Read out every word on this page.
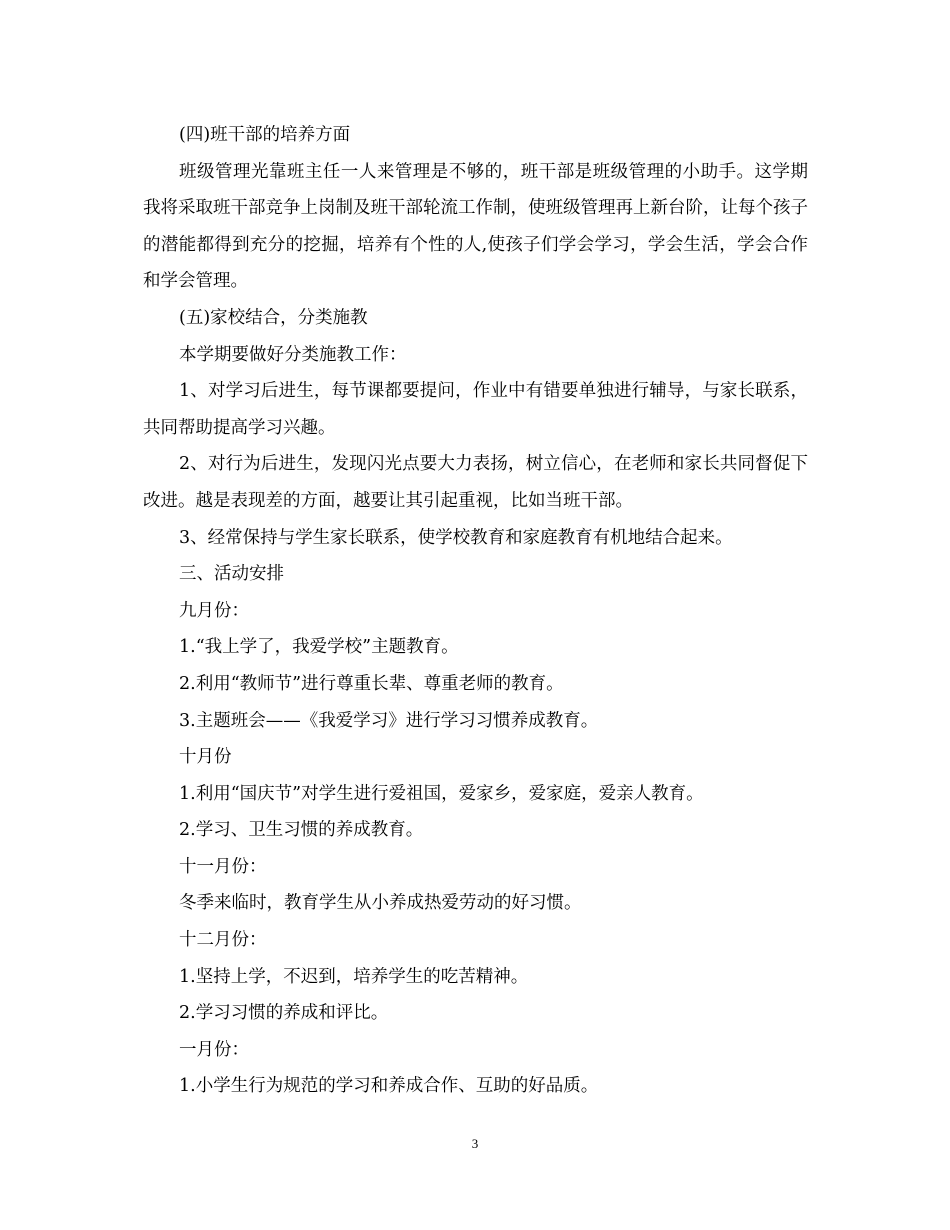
(四)班干部的培养方面

班级管理光靠班主任一人来管理是不够的，班干部是班级管理的小助手。这学期我将采取班干部竞争上岗制及班干部轮流工作制，使班级管理再上新台阶，让每个孩子的潜能都得到充分的挖掘，培养有个性的人,使孩子们学会学习，学会生活，学会合作和学会管理。

(五)家校结合，分类施教

本学期要做好分类施教工作：

1、对学习后进生，每节课都要提问，作业中有错要单独进行辅导，与家长联系，共同帮助提高学习兴趣。

2、对行为后进生，发现闪光点要大力表扬，树立信心，在老师和家长共同督促下改进。越是表现差的方面，越要让其引起重视，比如当班干部。

3、经常保持与学生家长联系，使学校教育和家庭教育有机地结合起来。

三、活动安排

九月份：

1.“我上学了，我爱学校”主题教育。

2.利用“教师节”进行尊重长辈、尊重老师的教育。

3.主题班会——《我爱学习》进行学习习惯养成教育。

十月份

1.利用“国庆节”对学生进行爱祖国，爱家乡，爱家庭，爱亲人教育。

2.学习、卫生习惯的养成教育。

十一月份：

冬季来临时，教育学生从小养成热爱劳动的好习惯。

十二月份：

1.坚持上学，不迟到，培养学生的吃苦精神。

2.学习习惯的养成和评比。

一月份：

1.小学生行为规范的学习和养成合作、互助的好品质。

3
